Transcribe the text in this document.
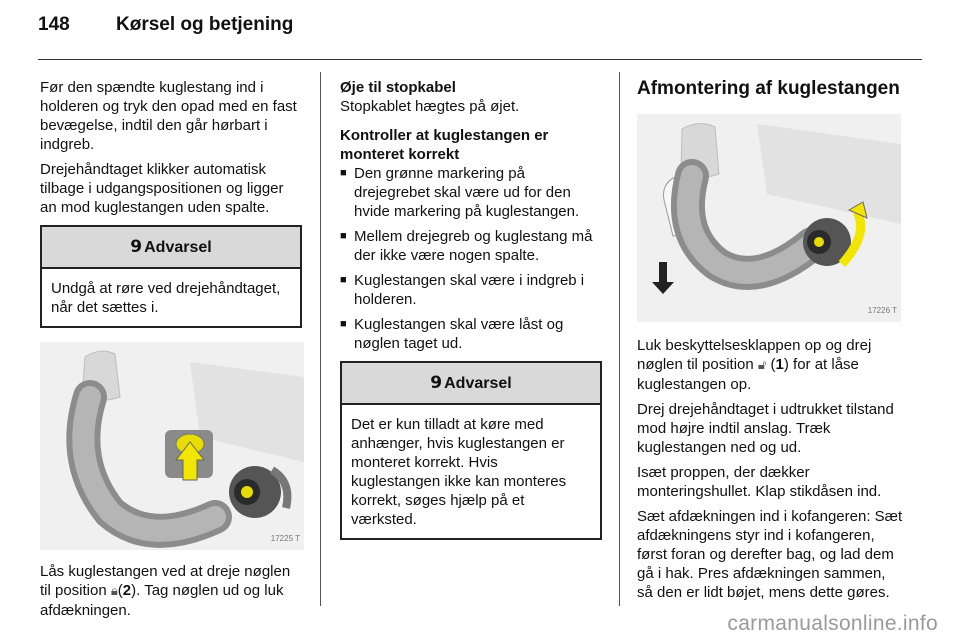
148 Kørsel og betjening

Før den spændte kuglestang ind i holderen og tryk den opad med en fast bevægelse, indtil den går hørbart i indgreb.

Drejehåndtaget klikker automatisk tilbage i udgangspositionen og ligger an mod kuglestangen uden spalte.

9 Advarsel
Undgå at røre ved drejehåndtaget, når det sættes i.
17225 T

Lås kuglestangen ved at dreje nøglen til position 🔒︎(2). Tag nøglen ud og luk afdækningen.

Øje til stopkabel

Stopkablet hægtes på øjet.

Kontroller at kuglestangen er monteret korrekt
■ Den grønne markering på drejegrebet skal være ud for den hvide markering på kuglestangen.
■ Mellem drejegreb og kuglestang må der ikke være nogen spalte.
■ Kuglestangen skal være i indgreb i holderen.
■ Kuglestangen skal være låst og nøglen taget ud.
9 Advarsel
Det er kun tilladt at køre med anhænger, hvis kuglestangen er monteret korrekt. Hvis kuglestangen ikke kan monteres korrekt, søges hjælp på et værksted.
Afmontering af kuglestangen
17226 T

Luk beskyttelsesklappen op og drej nøglen til position 🔓︎ (1) for at låse kuglestangen op.

Drej drejehåndtaget i udtrukket tilstand mod højre indtil anslag. Træk kuglestangen ned og ud.

Isæt proppen, der dækker monteringshullet. Klap stikdåsen ind.

Sæt afdækningen ind i kofangeren: Sæt afdækningens styr ind i kofangeren, først foran og derefter bag, og lad dem gå i hak. Pres afdækningen sammen, så den er lidt bøjet, mens dette gøres.

carmanualsonline.info
